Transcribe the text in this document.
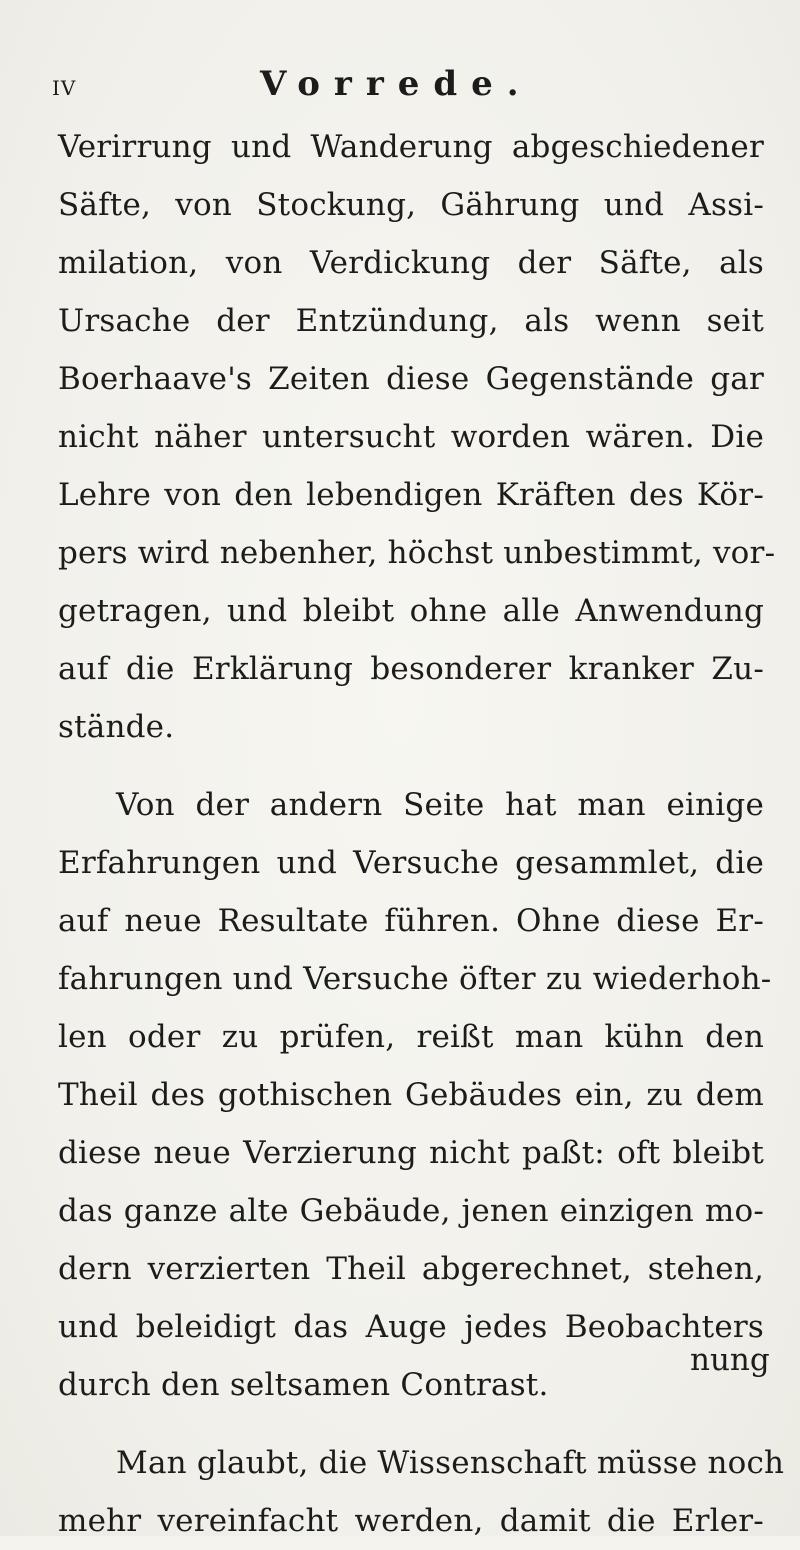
IV	Vorrede.
Verirrung und Wanderung abgeschiedener
Säfte, von Stockung, Gährung und Assi-
milation, von Verdickung der Säfte, als
Ursache der Entzündung, als wenn seit
Boerhaave's Zeiten diese Gegenstände gar
nicht näher untersucht worden wären. Die
Lehre von den lebendigen Kräften des Kör-
pers wird nebenher, höchst unbestimmt, vor-
getragen, und bleibt ohne alle Anwendung
auf die Erklärung besonderer kranker Zu-
stände.
Von der andern Seite hat man einige
Erfahrungen und Versuche gesammlet, die
auf neue Resultate führen. Ohne diese Er-
fahrungen und Versuche öfter zu wiederhoh-
len oder zu prüfen, reißt man kühn den
Theil des gothischen Gebäudes ein, zu dem
diese neue Verzierung nicht paßt: oft bleibt
das ganze alte Gebäude, jenen einzigen mo-
dern verzierten Theil abgerechnet, stehen,
und beleidigt das Auge jedes Beobachters
durch den seltsamen Contrast.
Man glaubt, die Wissenschaft müsse noch
mehr vereinfacht werden, damit die Erler-
nung
